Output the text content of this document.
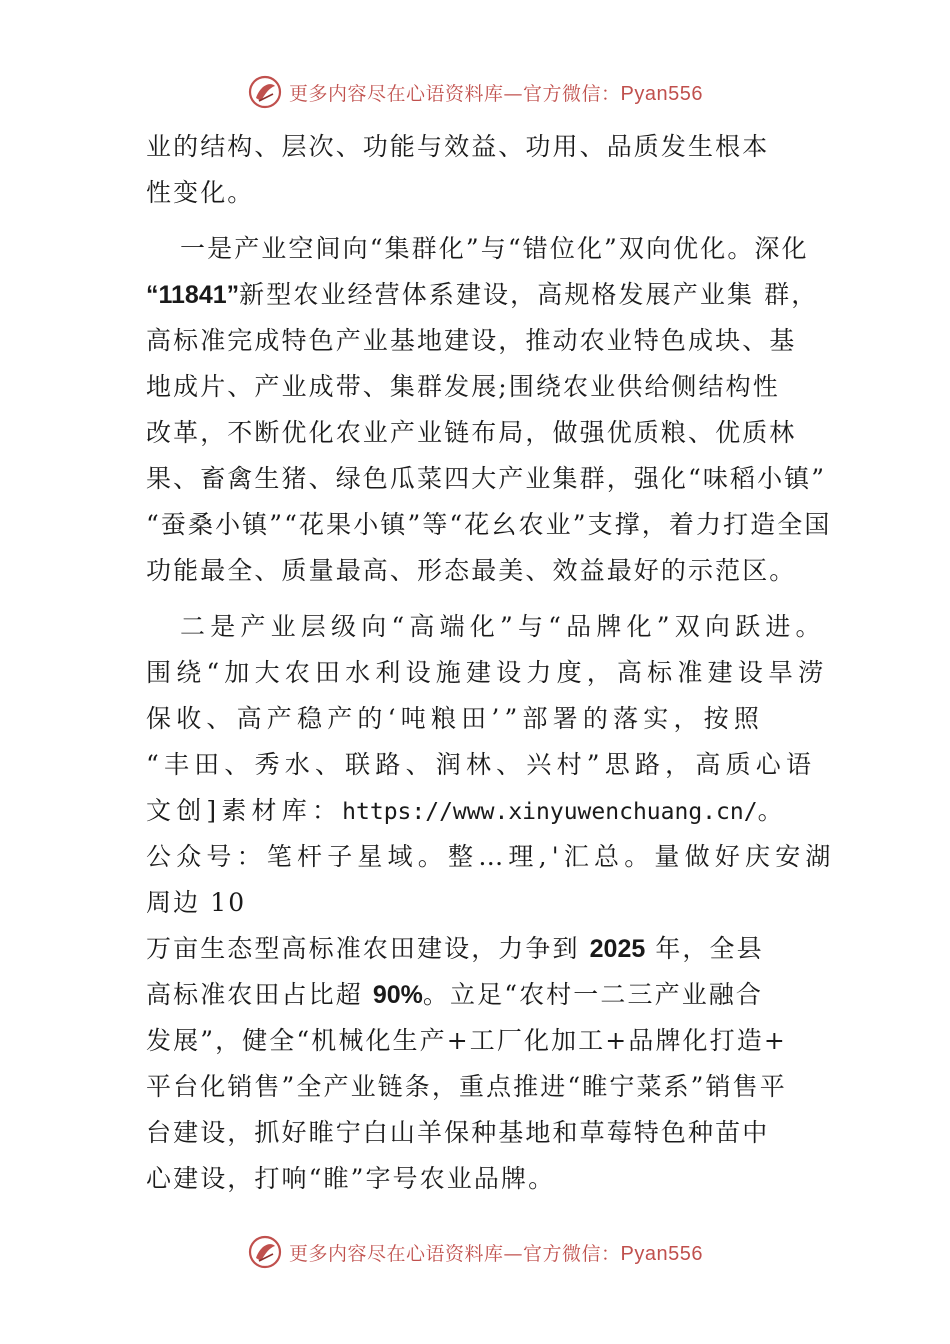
更多内容尽在心语资料库—官方微信：Pyan556
业的结构、层次、功能与效益、功用、品质发生根本
性变化。
一是产业空间向“集群化”与“错位化”双向优化。深化
“11841”新型农业经营体系建设，高规格发展产业集 群，
高标准完成特色产业基地建设，推动农业特色成块、基
地成片、产业成带、集群发展;围绕农业供给侧结构性
改革，不断优化农业产业链布局，做强优质粮、优质林
果、畜禽生猪、绿色瓜菜四大产业集群，强化“味稻小镇”
“蚕桑小镇”“花果小镇”等“花幺农业”支撑，着力打造全国
功能最全、质量最高、形态最美、效益最好的示范区。
二是产业层级向“高端化”与“品牌化”双向跃进。
围绕“加大农田水利设施建设力度，高标准建设旱涝
保收、高产稳产的‘吨粮田’”部署的落实，按照
“丰田、秀水、联路、润林、兴村”思路，高质心语
文创]素材库：https://www.xinyuwenchuang.cn/。
公众号：笔杆子星域。整…理,'汇总。量做好庆安湖
周边 10
万亩生态型高标准农田建设，力争到 2025 年，全县
高标准农田占比超 90%。立足“农村一二三产业融合
发展”，健全“机械化生产+工厂化加工+品牌化打造+
平台化销售”全产业链条，重点推进“睢宁菜系”销售平
台建设，抓好睢宁白山羊保种基地和草莓特色种苗中
心建设，打响“睢”字号农业品牌。
更多内容尽在心语资料库—官方微信：Pyan556
